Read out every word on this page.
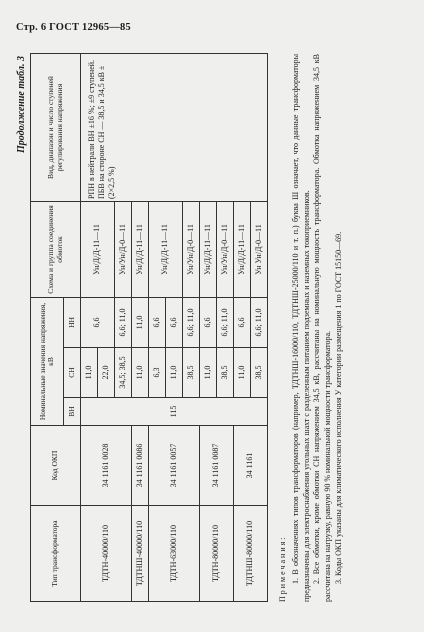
Стр. 6 ГОСТ 12965—85
Продолжение табл. 3
Тип трансформатора	Код ОКП	Номинальные значения напряжения, кВ			Схема и группа соединения обмоток	Вид, диапазон и число ступеней регулирования напряжения
		ВН	СН	НН		
ТДТН-40000/110	34 1161 0028	115	11,0	6,6	Ун/Д/Д-11—11	РПН в нейтрали ВН ±16 %; ±9 ступеней. ПБВ на стороне СН — 38,5 и 34,5 кВ ±(2×2,5 %)
			22,0			
			34,5; 38,5	6,6; 11,0	Ун/Ун/Д-0—11	
ТДТНШ-40000/110	34 1161 0086		11,0	11,0	Ун/Д/Д-11—11	
ТДТН-63000/110	34 1161 0057		6,3	6,6	Ун/Д/Д-11—11	
			11,0	6,6		
			38,5	6,6; 11,0	Ун/Ун/Д-0—11	
ТДТН-80000/110	34 1161 0087		11,0	6,6	Ун/Д/Д-11—11	
			38,5	6,6; 11,0	Ун/Ун/Д-0—11	
ТДТНШ-80000/110	34 1161		11,0	6,6	Ун/Д/Д-11—11	
			38,5	6,6; 11,0	Ун Ун/Д-0—11	
Примечания: 1. В обозначениях типов трансформаторов (например, ТДТНШ-16000/110, ТДТНШ-25000/110 и т. п.) буква Ш означает, что данные трансформаторы предназначены для электроснабжения угольных шахт с разделенным питанием подземных и наземных токоприемников. 2. Все обмотки, кроме обмотки СН напряжением 34,5 кВ, рассчитаны на номинальную мощность трансформатора. Обмотка напряжением 34,5 кВ рассчитана на нагрузку, равную 90 % номинальной мощности трансформатора. 3. Коды ОКП указаны для климатического исполнения У категории размещения 1 по ГОСТ 15150—69.
